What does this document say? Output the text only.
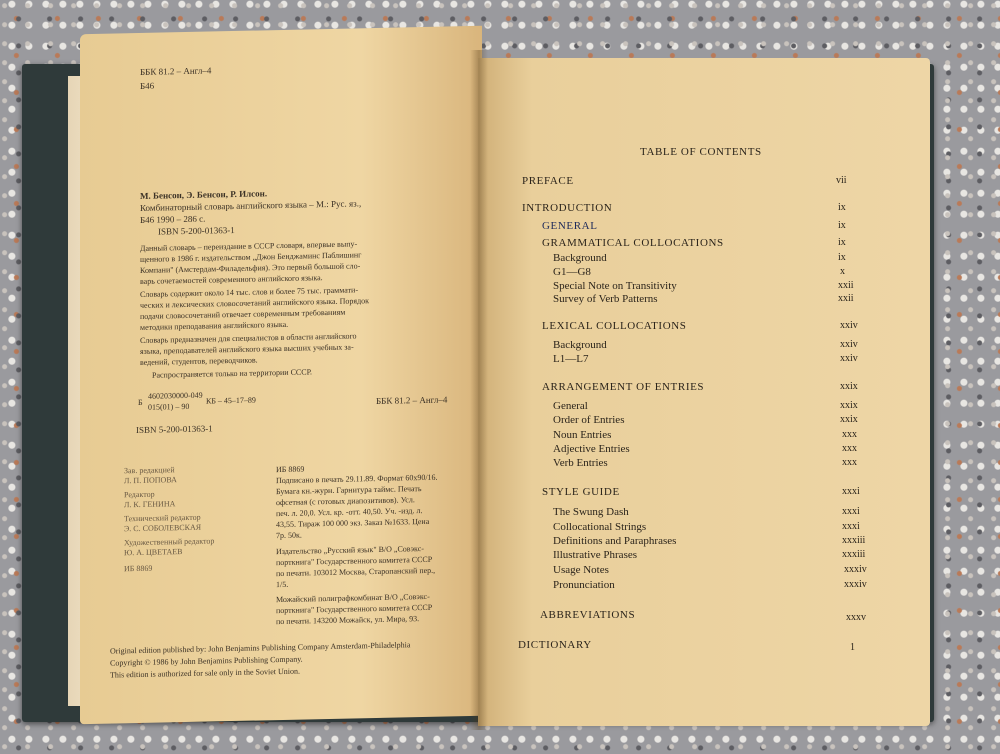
ББК 81.2 – Англ–4
Б46
М. Бенсон, Э. Бенсон, Р. Илсон.
Комбинаторный словарь английского языка – М.: Рус. яз.,
Б46 1990 – 286 с.
ISBN 5-200-01363-1
Данный словарь – переиздание в СССР словаря, впервые выпу-
щенного в 1986 г. издательством „Джон Бенджаминс Паблишинг
Компани" (Амстердам-Филадельфия). Это первый большой сло-
варь сочетаемостей современного английского языка.
Словарь содержит около 14 тыс. слов и более 75 тыс. граммати-
ческих и лексических словосочетаний английского языка. Порядок
подачи словосочетаний отвечает современным требованиям
методики преподавания английского языка.
Словарь предназначен для специалистов в области английского
языка, преподавателей английского языка высших учебных за-
ведений, студентов, переводчиков.
Распространяется только на территории СССР.
4602030000-049
015(01) – 90
КБ – 45–17–89
Б	ББК 81.2 – Англ–4
ISBN 5-200-01363-1
Зав. редакцией
Л. П. ПОПОВА
Редактор
Л. К. ГЕНИНА
Технический редактор
Э. С. СОБОЛЕВСКАЯ
Художественный редактор
Ю. А. ЦВЕТАЕВ
ИБ 8869
ИБ 8869
Подписано в печать 29.11.89. Формат 60х90/16.
Бумага кн.-журн. Гарнитура таймс. Печать
офсетная (с готовых диапозитивов). Усл.
печ. л. 20,0. Усл. кр. -отт. 40,50. Уч. -изд. л.
43,55. Тираж 100 000 экз. Заказ №1633. Цена
7р. 50к.
Издательство „Русский язык" В/О „Совэкс-
порткнига" Государственного комитета СССР
по печати. 103012 Москва, Старопанский пер.,
1/5.
Можайский полиграфкомбинат В/О „Совэкс-
порткнига" Государственного комитета СССР
по печати. 143200 Можайск, ул. Мира, 93.
Original edition published by: John Benjamins Publishing Company Amsterdam-Philadelphia
Copyright © 1986 by John Benjamins Publishing Company.
This edition is authorized for sale only in the Soviet Union.
TABLE OF CONTENTS
PREFACE	vii
INTRODUCTION	ix
GENERAL	ix
GRAMMATICAL COLLOCATIONS	ix
Background	ix
G1—G8	x
Special Note on Transitivity	xxii
Survey of Verb Patterns	xxii
LEXICAL COLLOCATIONS	xxiv
Background	xxiv
L1—L7	xxiv
ARRANGEMENT OF ENTRIES	xxix
General	xxix
Order of Entries	xxix
Noun Entries	xxx
Adjective Entries	xxx
Verb Entries	xxx
STYLE GUIDE	xxxi
The Swung Dash	xxxi
Collocational Strings	xxxi
Definitions and Paraphrases	xxxiii
Illustrative Phrases	xxxiii
Usage Notes	xxxiv
Pronunciation	xxxiv
ABBREVIATIONS	xxxv
DICTIONARY	1
